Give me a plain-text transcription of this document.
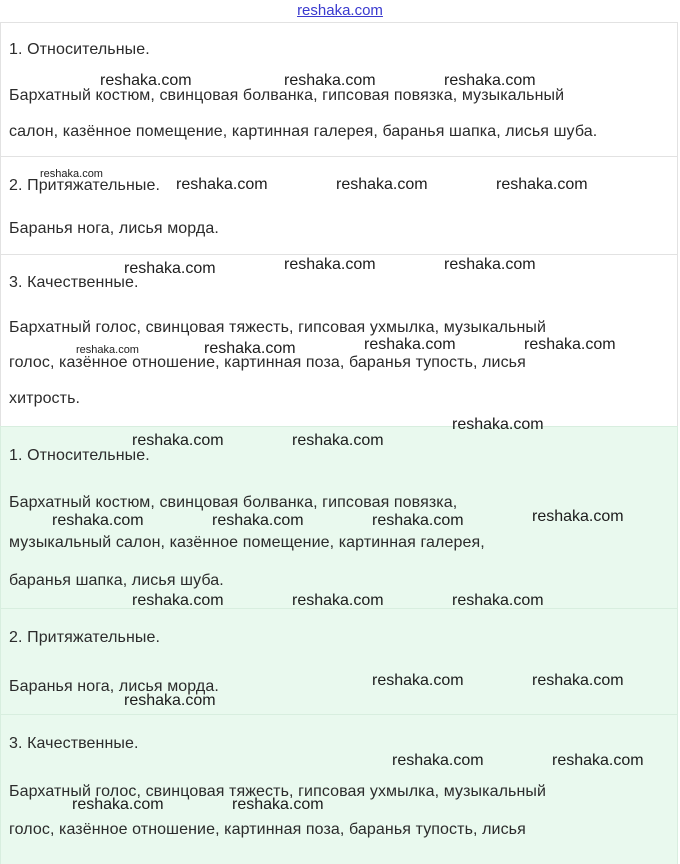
reshaka.com
1. Относительные.
Бархатный костюм, свинцовая болванка, гипсовая повязка, музыкальный
салон, казённое помещение, картинная галерея, баранья шапка, лисья шуба.
2. Притяжательные.
Баранья нога, лисья морда.
3. Качественные.
Бархатный голос, свинцовая тяжесть, гипсовая ухмылка, музыкальный
голос, казённое отношение, картинная поза, баранья тупость, лисья
хитрость.
1. Относительные.
Бархатный костюм, свинцовая болванка, гипсовая повязка,
музыкальный салон, казённое помещение, картинная галерея,
баранья шапка, лисья шуба.
2. Притяжательные.
Баранья нога, лисья морда.
3. Качественные.
Бархатный голос, свинцовая тяжесть, гипсовая ухмылка, музыкальный
голос, казённое отношение, картинная поза, баранья тупость, лисья
reshaka.com	reshaka.com	reshaka.com
reshaka.com
reshaka.com	reshaka.com	reshaka.com
reshaka.com	reshaka.com	reshaka.com
reshaka.com	reshaka.com	reshaka.com	reshaka.com
reshaka.com
reshaka.com	reshaka.com
reshaka.com	reshaka.com	reshaka.com	reshaka.com
reshaka.com	reshaka.com	reshaka.com
reshaka.com	reshaka.com
reshaka.com
reshaka.com	reshaka.com
reshaka.com	reshaka.com
